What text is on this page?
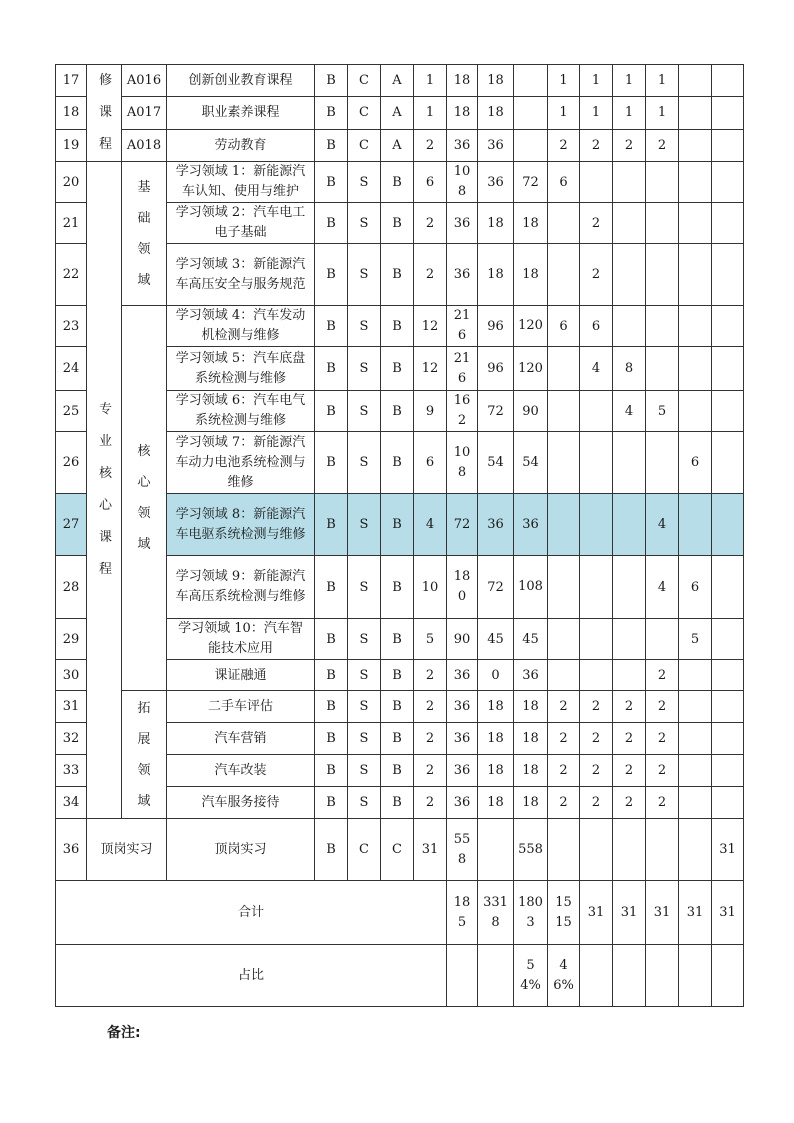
17	修课程	A016	创新创业教育课程	B	C	A	1	18	18		1	1	1	1			
18		A017	职业素养课程	B	C	A	1	18	18		1	1	1	1			
19		A018	劳动教育	B	C	A	2	36	36		2	2	2	2			
20	专业核心课程	基础领域	学习领域 1：新能源汽车认知、使用与维护	B	S	B	6	108	36	72	6						
21			学习领域 2：汽车电工电子基础	B	S	B	2	36	18	18		2					
22			学习领域 3：新能源汽车高压安全与服务规范	B	S	B	2	36	18	18		2					
23		核心领域	学习领域 4：汽车发动机检测与维修	B	S	B	12	216	96	120	6	6					
24			学习领域 5：汽车底盘系统检测与维修	B	S	B	12	216	96	120		4	8				
25			学习领域 6：汽车电气系统检测与维修	B	S	B	9	162	72	90			4	5			
26			学习领域 7：新能源汽车动力电池系统检测与维修	B	S	B	6	108	54	54					6		
27			学习领域 8：新能源汽车电驱系统检测与维修	B	S	B	4	72	36	36				4			
28			学习领域 9：新能源汽车高压系统检测与维修	B	S	B	10	180	72	108				4	6		
29			学习领域 10：汽车智能技术应用	B	S	B	5	90	45	45					5		
30			课证融通	B	S	B	2	36	0	36				2			
31		拓展领域	二手车评估	B	S	B	2	36	18	18	2	2	2	2			
32			汽车营销	B	S	B	2	36	18	18	2	2	2	2			
33			汽车改装	B	S	B	2	36	18	18	2	2	2	2			
34			汽车服务接待	B	S	B	2	36	18	18	2	2	2	2			
36	顶岗实习		顶岗实习	B	C	C	31	558		558						31	
合计								185	3318	1803	1515	31	31	31	31	31	
占比										54%	46%						
备注:
